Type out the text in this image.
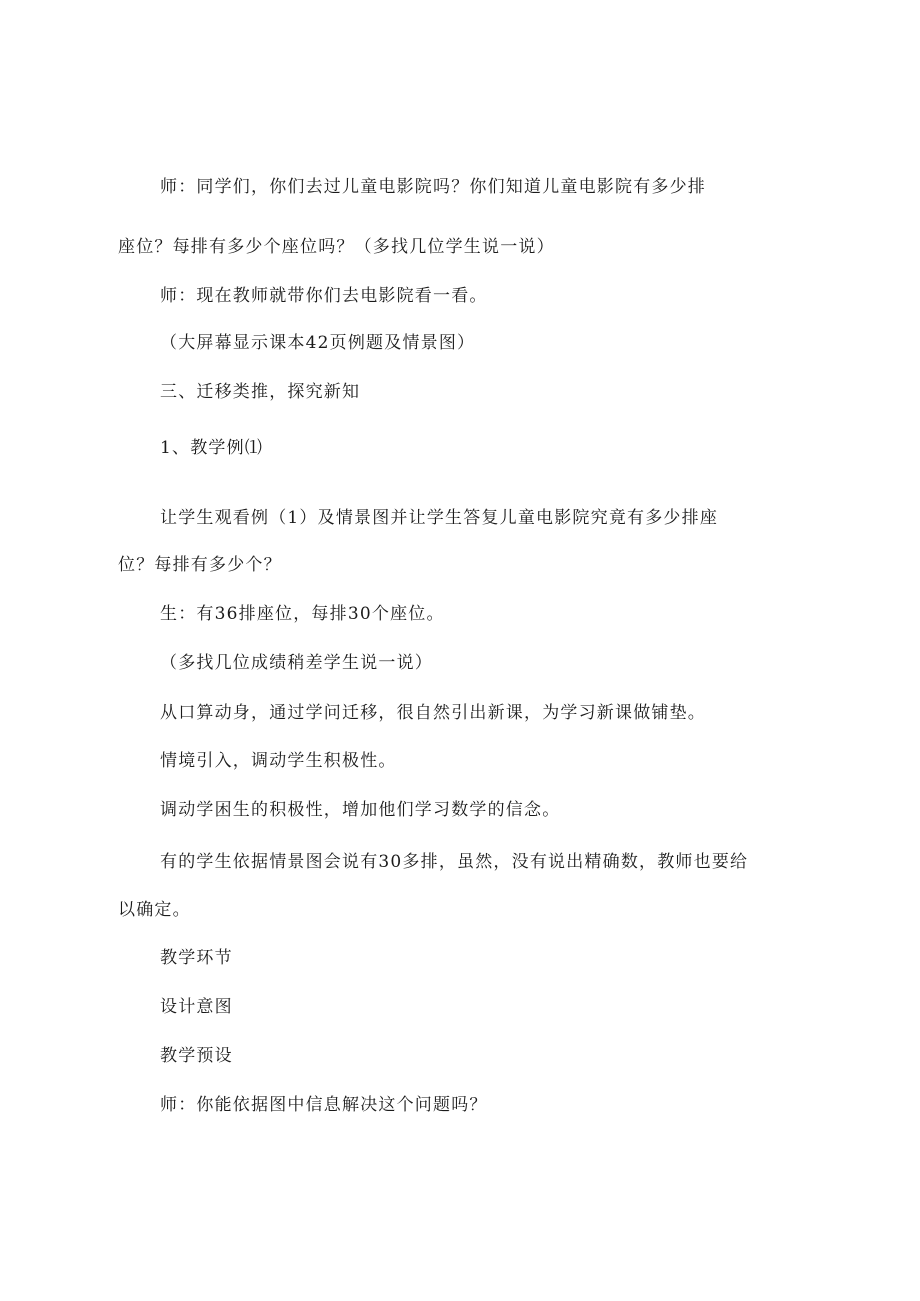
师：同学们，你们去过儿童电影院吗？你们知道儿童电影院有多少排
座位？每排有多少个座位吗？（多找几位学生说一说）
师：现在教师就带你们去电影院看一看。
（大屏幕显示课本42页例题及情景图）
三、迁移类推，探究新知
1、教学例⑴
让学生观看例（1）及情景图并让学生答复儿童电影院究竟有多少排座
位？每排有多少个？
生：有36排座位，每排30个座位。
（多找几位成绩稍差学生说一说）
从口算动身，通过学问迁移，很自然引出新课，为学习新课做铺垫。
情境引入，调动学生积极性。
调动学困生的积极性，增加他们学习数学的信念。
有的学生依据情景图会说有30多排，虽然，没有说出精确数，教师也要给
以确定。
教学环节
设计意图
教学预设
师：你能依据图中信息解决这个问题吗？
